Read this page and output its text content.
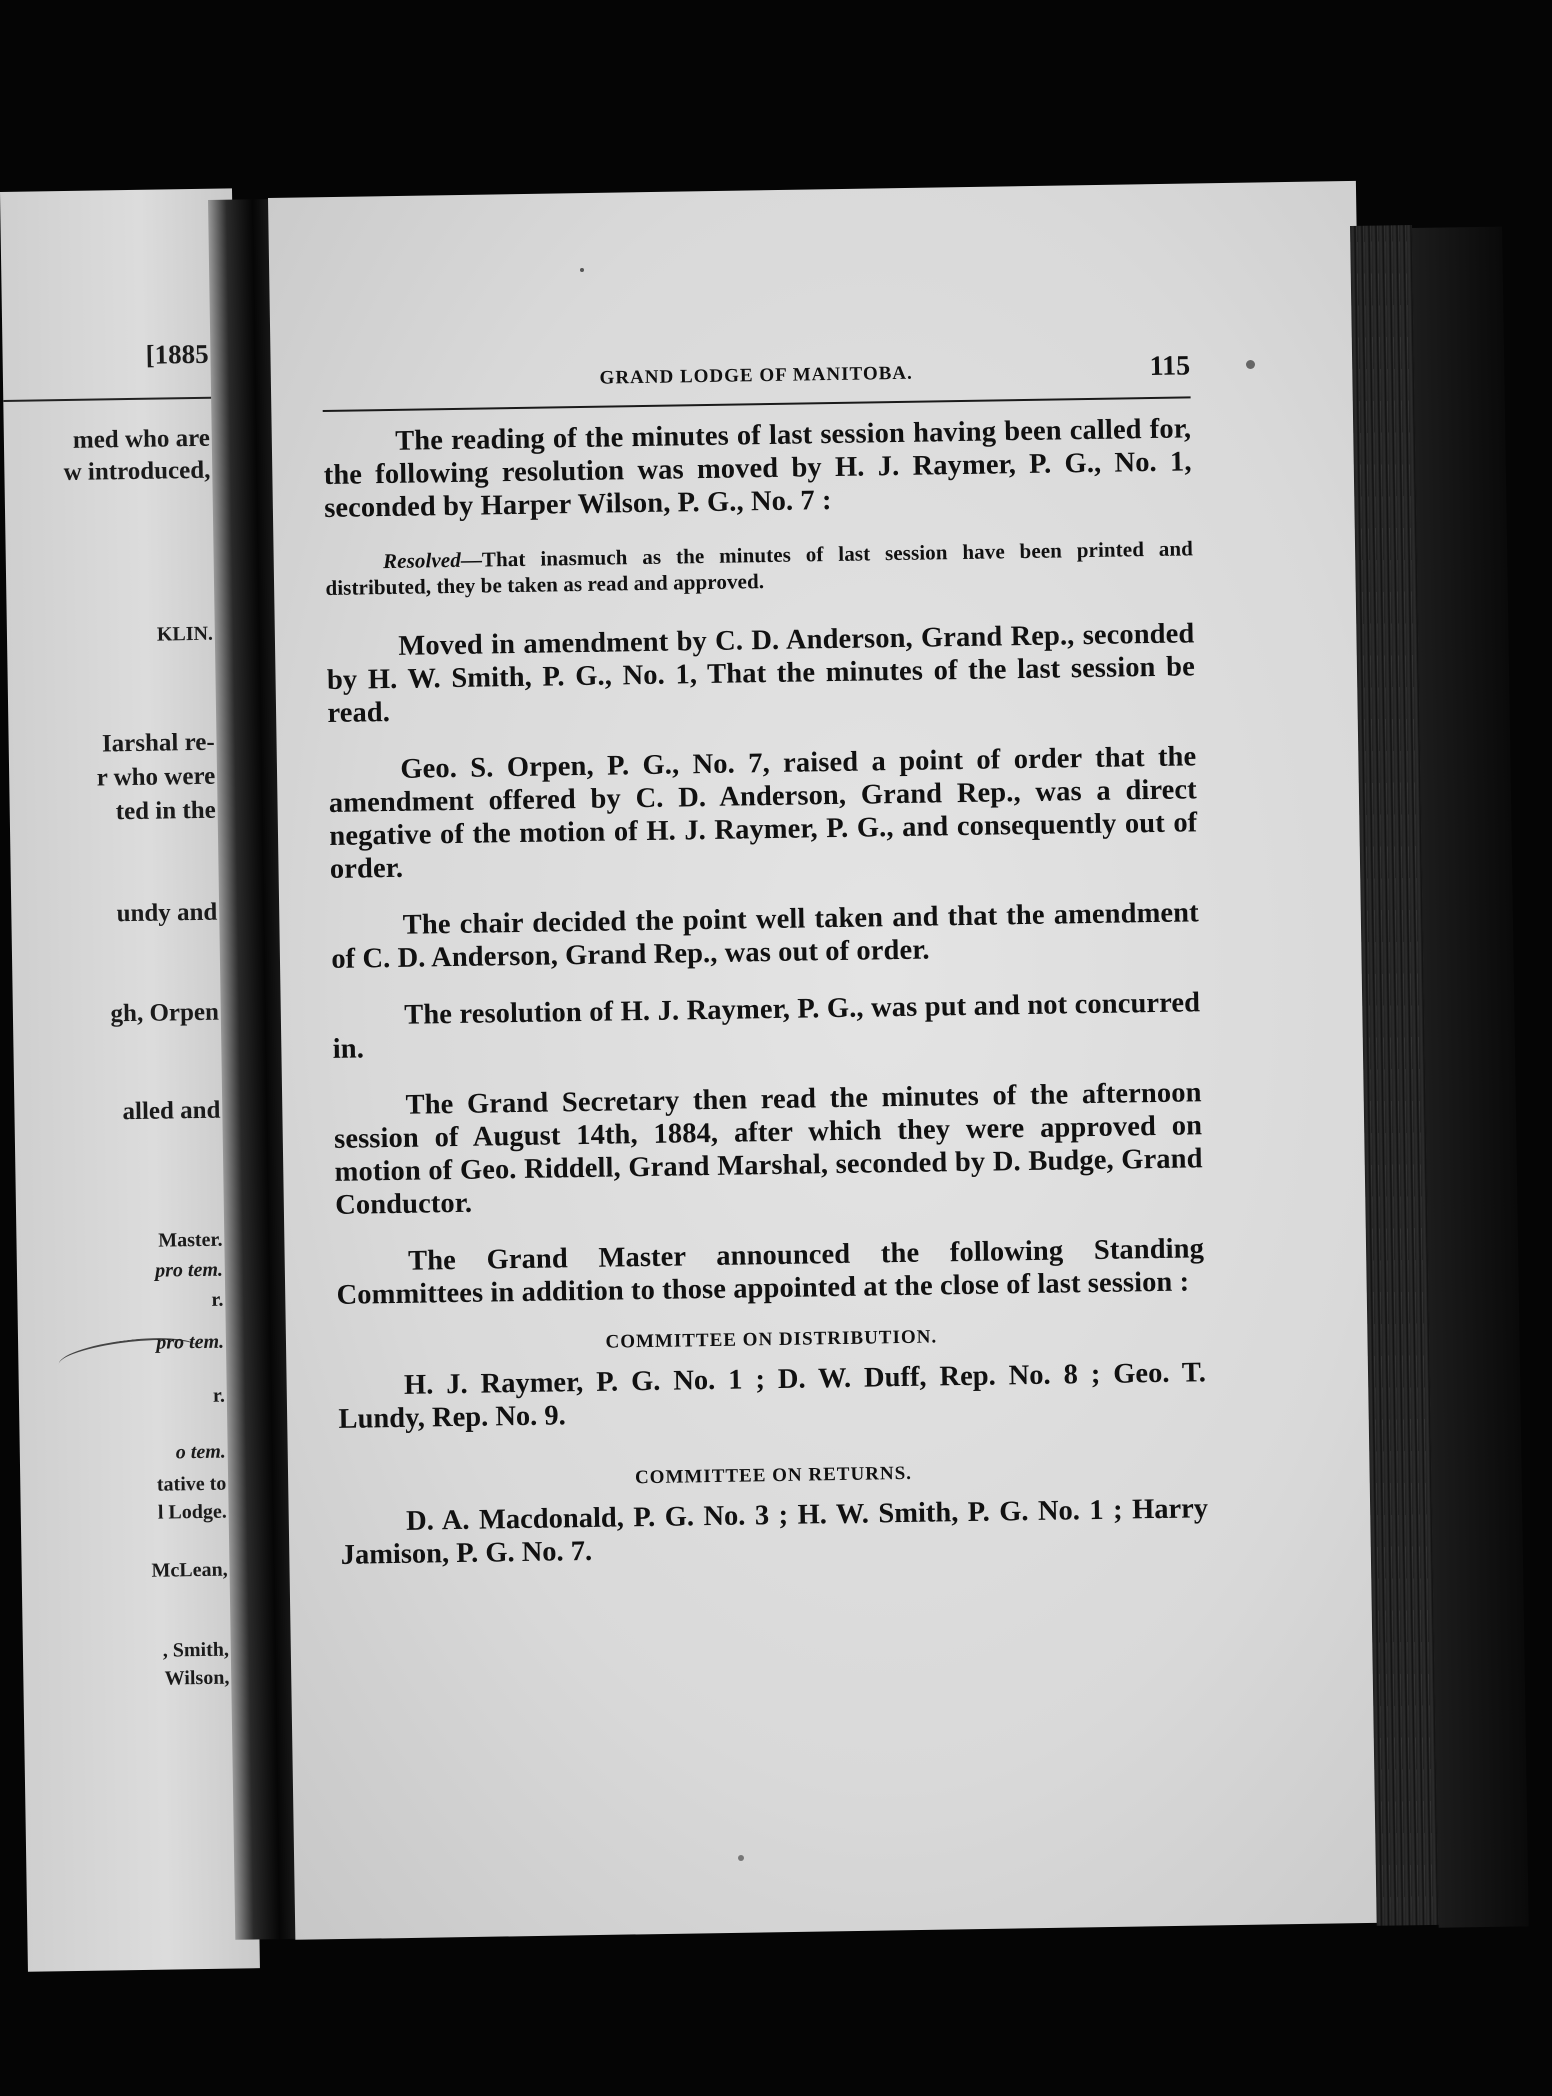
[1885
med who are
w introduced,
KLIN.
Iarshal re-
r who were
ted in the
undy and
gh, Orpen
alled and
Master.
pro tem.
r.
pro tem.
r.
o tem.
tative to
l Lodge.
McLean,
, Smith,
Wilson,
GRAND LODGE OF MANITOBA.	115

The reading of the minutes of last session having been called for, the following resolution was moved by H. J. Raymer, P. G., No. 1, seconded by Harper Wilson, P. G., No. 7 :

Resolved—That inasmuch as the minutes of last session have been printed and distributed, they be taken as read and approved.

Moved in amendment by C. D. Anderson, Grand Rep., seconded by H. W. Smith, P. G., No. 1, That the minutes of the last session be read.

Geo. S. Orpen, P. G., No. 7, raised a point of order that the amendment offered by C. D. Anderson, Grand Rep., was a direct negative of the motion of H. J. Raymer, P. G., and consequently out of order.

The chair decided the point well taken and that the amendment of C. D. Anderson, Grand Rep., was out of order.

The resolution of H. J. Raymer, P. G., was put and not concurred in.

The Grand Secretary then read the minutes of the afternoon session of August 14th, 1884, after which they were approved on motion of Geo. Riddell, Grand Marshal, seconded by D. Budge, Grand Conductor.

The Grand Master announced the following Standing Committees in addition to those appointed at the close of last session :

COMMITTEE ON DISTRIBUTION.

H. J. Raymer, P. G. No. 1 ; D. W. Duff, Rep. No. 8 ; Geo. T. Lundy, Rep. No. 9.

COMMITTEE ON RETURNS.

D. A. Macdonald, P. G. No. 3 ; H. W. Smith, P. G. No. 1 ; Harry Jamison, P. G. No. 7.
